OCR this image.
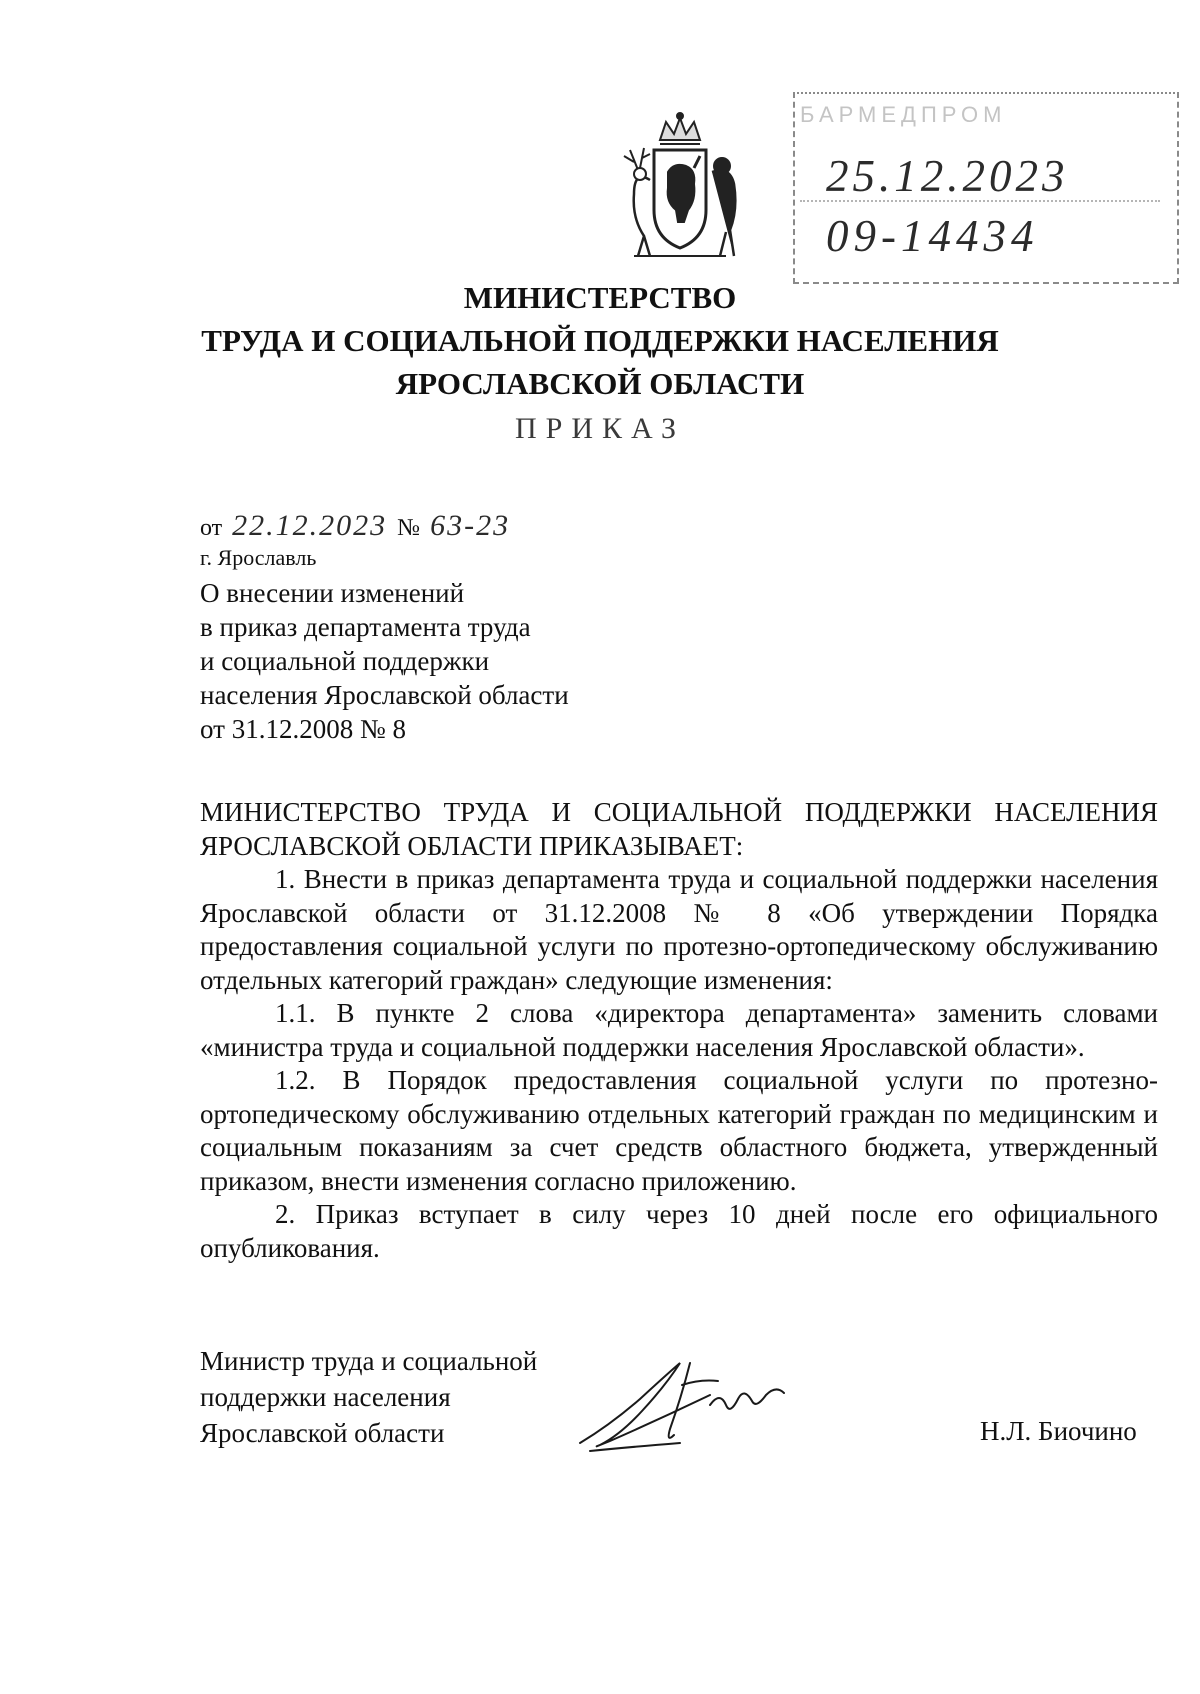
БАРМЕДПРОМ
25.12.2023
09-14434
МИНИСТЕРСТВО
ТРУДА И СОЦИАЛЬНОЙ ПОДДЕРЖКИ НАСЕЛЕНИЯ
ЯРОСЛАВСКОЙ ОБЛАСТИ
ПРИКАЗ
от 22.12.2023 № 63-23
г. Ярославль
О внесении изменений
в приказ департамента труда
и социальной поддержки
населения Ярославской области
от 31.12.2008 № 8
МИНИСТЕРСТВО ТРУДА И СОЦИАЛЬНОЙ ПОДДЕРЖКИ НАСЕЛЕНИЯ ЯРОСЛАВСКОЙ ОБЛАСТИ ПРИКАЗЫВАЕТ:
1. Внести в приказ департамента труда и социальной поддержки населения Ярославской области от 31.12.2008 № 8 «Об утверждении Порядка предоставления социальной услуги по протезно-ортопедическому обслуживанию отдельных категорий граждан» следующие изменения:
1.1. В пункте 2 слова «директора департамента» заменить словами «министра труда и социальной поддержки населения Ярославской области».
1.2. В Порядок предоставления социальной услуги по протезно-ортопедическому обслуживанию отдельных категорий граждан по медицинским и социальным показаниям за счет средств областного бюджета, утвержденный приказом, внести изменения согласно приложению.
2. Приказ вступает в силу через 10 дней после его официального опубликования.
Министр труда и социальной
поддержки населения
Ярославской области	Н.Л. Биочино
